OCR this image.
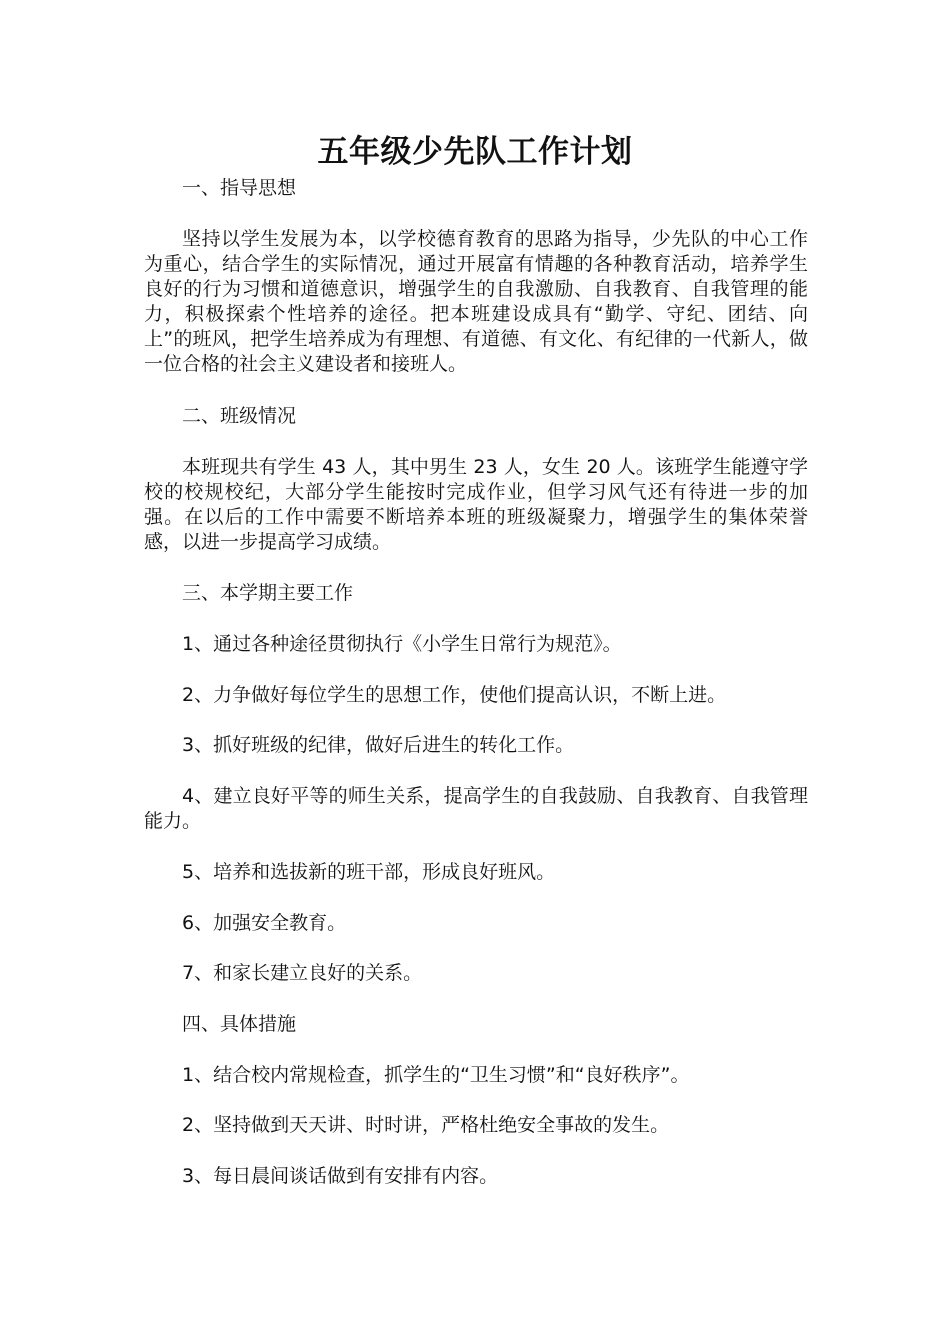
五年级少先队工作计划

一、指导思想

坚持以学生发展为本，以学校德育教育的思路为指导，少先队的中心工作为重心，结合学生的实际情况，通过开展富有情趣的各种教育活动，培养学生良好的行为习惯和道德意识，增强学生的自我激励、自我教育、自我管理的能力，积极探索个性培养的途径。把本班建设成具有“勤学、守纪、团结、向上”的班风，把学生培养成为有理想、有道德、有文化、有纪律的一代新人，做一位合格的社会主义建设者和接班人。

二、班级情况

本班现共有学生 43 人，其中男生 23 人，女生 20 人。该班学生能遵守学校的校规校纪，大部分学生能按时完成作业，但学习风气还有待进一步的加强。在以后的工作中需要不断培养本班的班级凝聚力，增强学生的集体荣誉感，以进一步提高学习成绩。

三、本学期主要工作

1、通过各种途径贯彻执行《小学生日常行为规范》。

2、力争做好每位学生的思想工作，使他们提高认识，不断上进。

3、抓好班级的纪律，做好后进生的转化工作。

4、建立良好平等的师生关系，提高学生的自我鼓励、自我教育、自我管理能力。

5、培养和选拔新的班干部，形成良好班风。

6、加强安全教育。

7、和家长建立良好的关系。

四、具体措施

1、结合校内常规检查，抓学生的“卫生习惯”和“良好秩序”。

2、坚持做到天天讲、时时讲，严格杜绝安全事故的发生。

3、每日晨间谈话做到有安排有内容。
